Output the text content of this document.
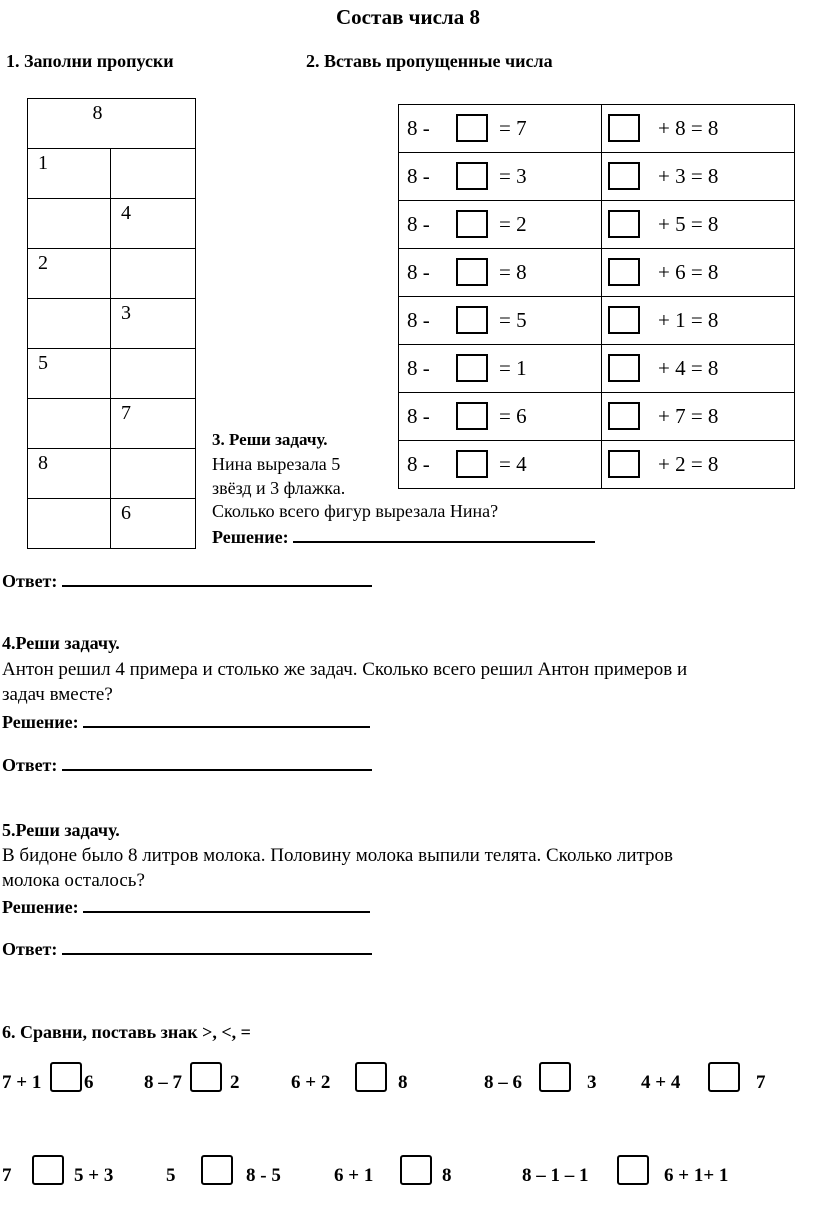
Состав числа 8
1. Заполни пропуски	2. Вставь пропущенные числа
8	
1	
	4
2	
	3
5	
	7
8	
	6
8 - = 7	+ 8 = 8

8 - = 3	+ 3 = 8

8 - = 2	+ 5 = 8

8 - = 8	+ 6 = 8

8 - = 5	+ 1 = 8

8 - = 1	+ 4 = 8

8 - = 6	+ 7 = 8

8 - = 4	+ 2 = 8
3. Реши задачу.
Нина вырезала 5
звёзд и 3 флажка.
Сколько всего фигур вырезала Нина?
Решение:
Ответ:
4.Реши задачу.
Антон решил 4 примера и столько же задач. Сколько всего решил Антон примеров и
задач вместе?
Решение:
Ответ:
5.Реши задачу.
В бидоне было 8 литров молока. Половину молока выпили телята. Сколько литров
молока осталось?
Решение:
Ответ:
6. Сравни, поставь знак >, <, =
7 + 1 6	8 – 7	2	6 + 2	8	8 – 6	3 4 + 4	7
7	5 + 3	5	8 - 5	6 + 1	8	8 – 1 – 1	6 + 1+ 1
